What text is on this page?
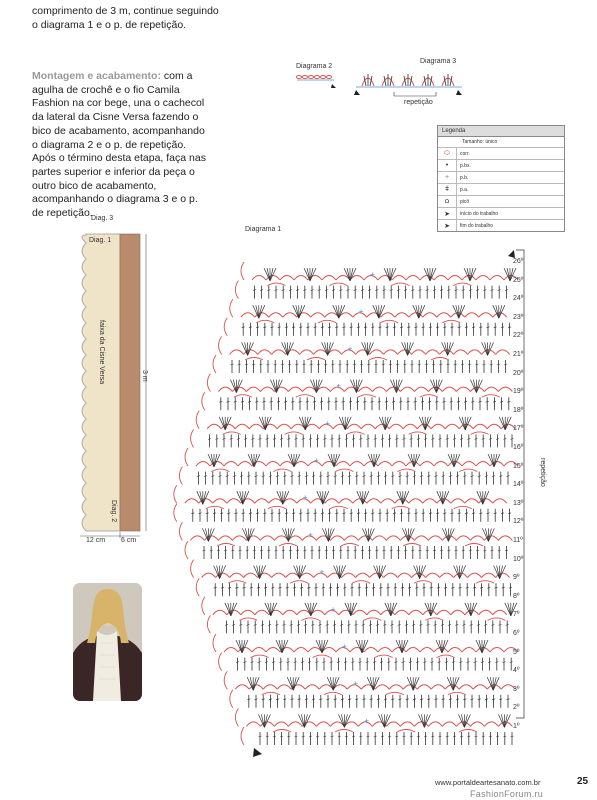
comprimento de 3 m, continue seguindo o diagrama 1 e o p. de repetição.
Montagem e acabamento: com a agulha de crochê e o fio Camila Fashion na cor bege, una o cachecol da lateral da Cisne Versa fazendo o bico de acabamento, acompanhando o diagrama 2 e o p. de repetição. Após o término desta etapa, faça nas partes superior e inferior da peça o outro bico de acabamento, acompanhando o diagrama 3 e o p. de repetição.
Diagrama 2
Diagrama 3
repetição
Legenda
Tamanho: único
⬭	corr.
•	p.bx.
+	p.b.
ǂ	p.a.
ꭥ	picô
➤	início do trabalho
➤	fim do trabalho
Diag. 3
Diag. 1
faixa da Cisne Versa	3 m
Diag. 2
12 cm 6 cm
Diagrama 1
+
+
+
+
+
+
+
+
+
+
+
+
+
26º
25º
24º
23º
22º
21º
20º
19º
18º
17º
16º
15º
14º
13º
12º
11º
10º
9º
8º
7º
6º
5º
4º
3º
2º
1º
repetição
www.portaldeartesanato.com.br	25
FashionForum.ru
